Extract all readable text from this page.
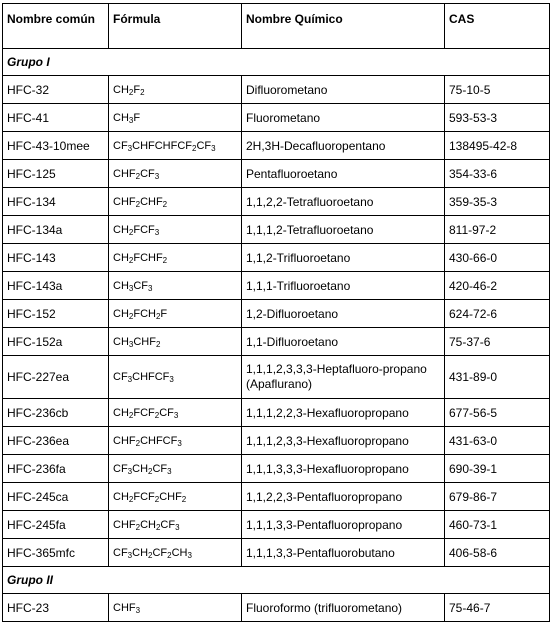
Nombre común	Fórmula	Nombre Químico	CAS
Grupo I			
HFC-32	$CH_2F_2$	Difluorometano	75-10-5
HFC-41	$CH_3F$	Fluorometano	593-53-3
HFC-43-10mee	$CF_3CHFCHFCF_2CF_3$	2H,3H-Decafluoropentano	138495-42-8
HFC-125	$CHF_2CF_3$	Pentafluoroetano	354-33-6
HFC-134	$CHF_2CHF_2$	1,1,2,2-Tetrafluoroetano	359-35-3
HFC-134a	$CH_2FCF_3$	1,1,1,2-Tetrafluoroetano	811-97-2
HFC-143	$CH_2FCHF_2$	1,1,2-Trifluoroetano	430-66-0
HFC-143a	$CH_3CF_3$	1,1,1-Trifluoroetano	420-46-2
HFC-152	$CH_2FCH_2F$	1,2-Difluoroetano	624-72-6
HFC-152a	$CH_3CHF_2$	1,1-Difluoroetano	75-37-6
HFC-227ea	$CF_3CHFCF_3$	1,1,1,2,3,3,3-Heptafluoro-propano (Apaflurano)	431-89-0
HFC-236cb	$CH_2FCF_2CF_3$	1,1,1,2,2,3-Hexafluoropropano	677-56-5
HFC-236ea	$CHF_2CHFCF_3$	1,1,1,2,3,3-Hexafluoropropano	431-63-0
HFC-236fa	$CF_3CH_2CF_3$	1,1,1,3,3,3-Hexafluoropropano	690-39-1
HFC-245ca	$CH_2FCF_2CHF_2$	1,1,2,2,3-Pentafluoropropano	679-86-7
HFC-245fa	$CHF_2CH_2CF_3$	1,1,1,3,3-Pentafluoropropano	460-73-1
HFC-365mfc	$CF_3CH_2CF_2CH_3$	1,1,1,3,3-Pentafluorobutano	406-58-6
Grupo II			
HFC-23	$CHF_3$	Fluoroformo (trifluorometano)	75-46-7
